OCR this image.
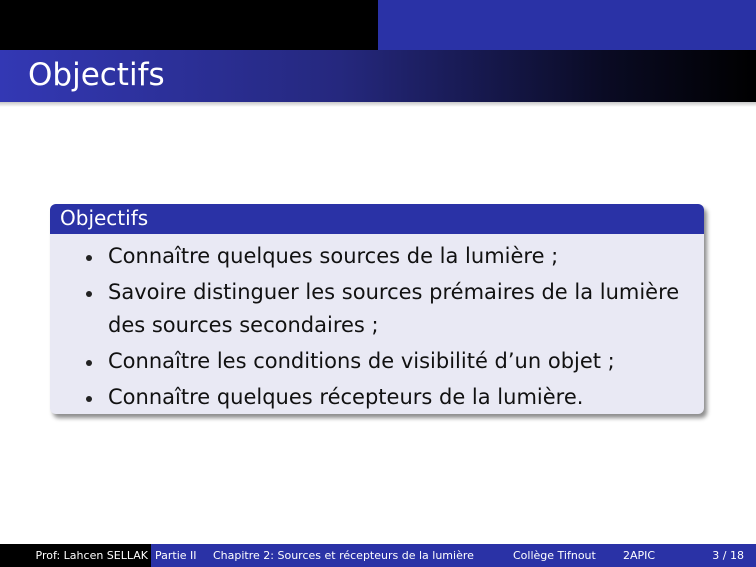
Objectifs
Objectifs
Connaître quelques sources de la lumière ;
Savoire distinguer les sources prémaires de la lumière des sources secondaires ;
Connaître les conditions de visibilité d’un objet ;
Connaître quelques récepteurs de la lumière.
Prof: Lahcen SELLAK Partie II	Chapitre 2: Sources et récepteurs de la lumière	Collège Tifnout	2APIC	3 / 18
